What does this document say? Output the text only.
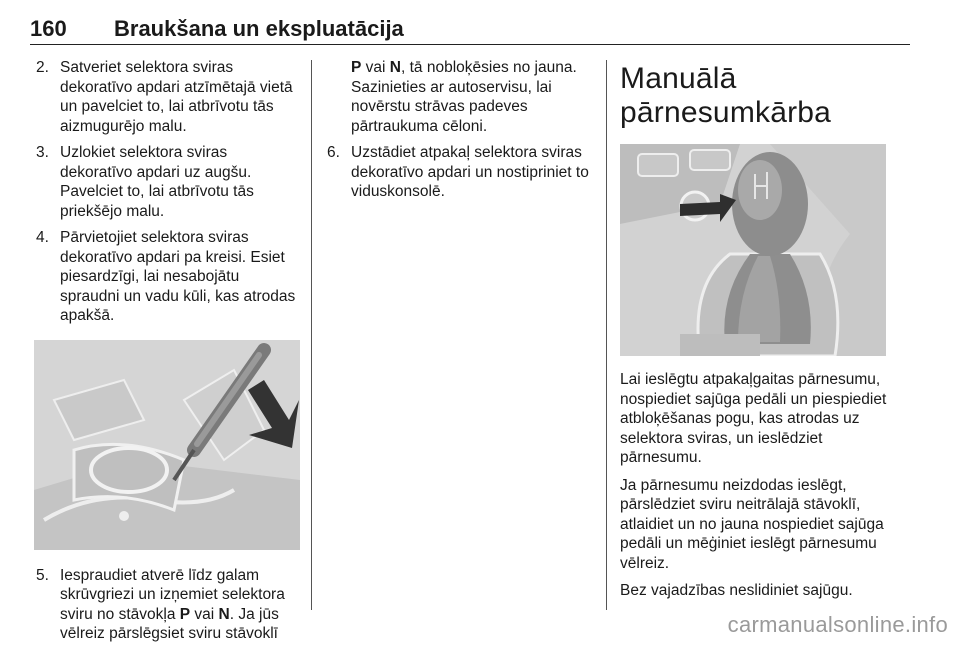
160 Braukšana un ekspluatācija
2. Satveriet selektora sviras dekoratīvo apdari atzīmētajā vietā un pavelciet to, lai atbrīvotu tās aizmugurējo malu.
3. Uzlokiet selektora sviras dekoratīvo apdari uz augšu. Pavelciet to, lai atbrīvotu tās priekšējo malu.
4. Pārvietojiet selektora sviras dekoratīvo apdari pa kreisi. Esiet piesardzīgi, lai nesabojātu spraudni un vadu kūli, kas atrodas apakšā.
5. Iespraudiet atverē līdz galam skrūvgriezi un izņemiet selektora sviru no stāvokļa P vai N. Ja jūs vēlreiz pārslēgsiet sviru stāvoklī
P vai N, tā nobloķēsies no jauna. Sazinieties ar autoservisu, lai novērstu strāvas padeves pārtraukuma cēloni.
6. Uzstādiet atpakaļ selektora sviras dekoratīvo apdari un nostipriniet to viduskonsolē.
Manuālā
pārnesumkārba

Lai ieslēgtu atpakaļgaitas pārnesumu, nospiediet sajūga pedāli un piespiediet atbloķēšanas pogu, kas atrodas uz selektora sviras, un ieslēdziet pārnesumu.

Ja pārnesumu neizdodas ieslēgt, pārslēdziet sviru neitrālajā stāvoklī, atlaidiet un no jauna nospiediet sajūga pedāli un mēģiniet ieslēgt pārnesumu vēlreiz.

Bez vajadzības neslidiniet sajūgu.

carmanualsonline.info
